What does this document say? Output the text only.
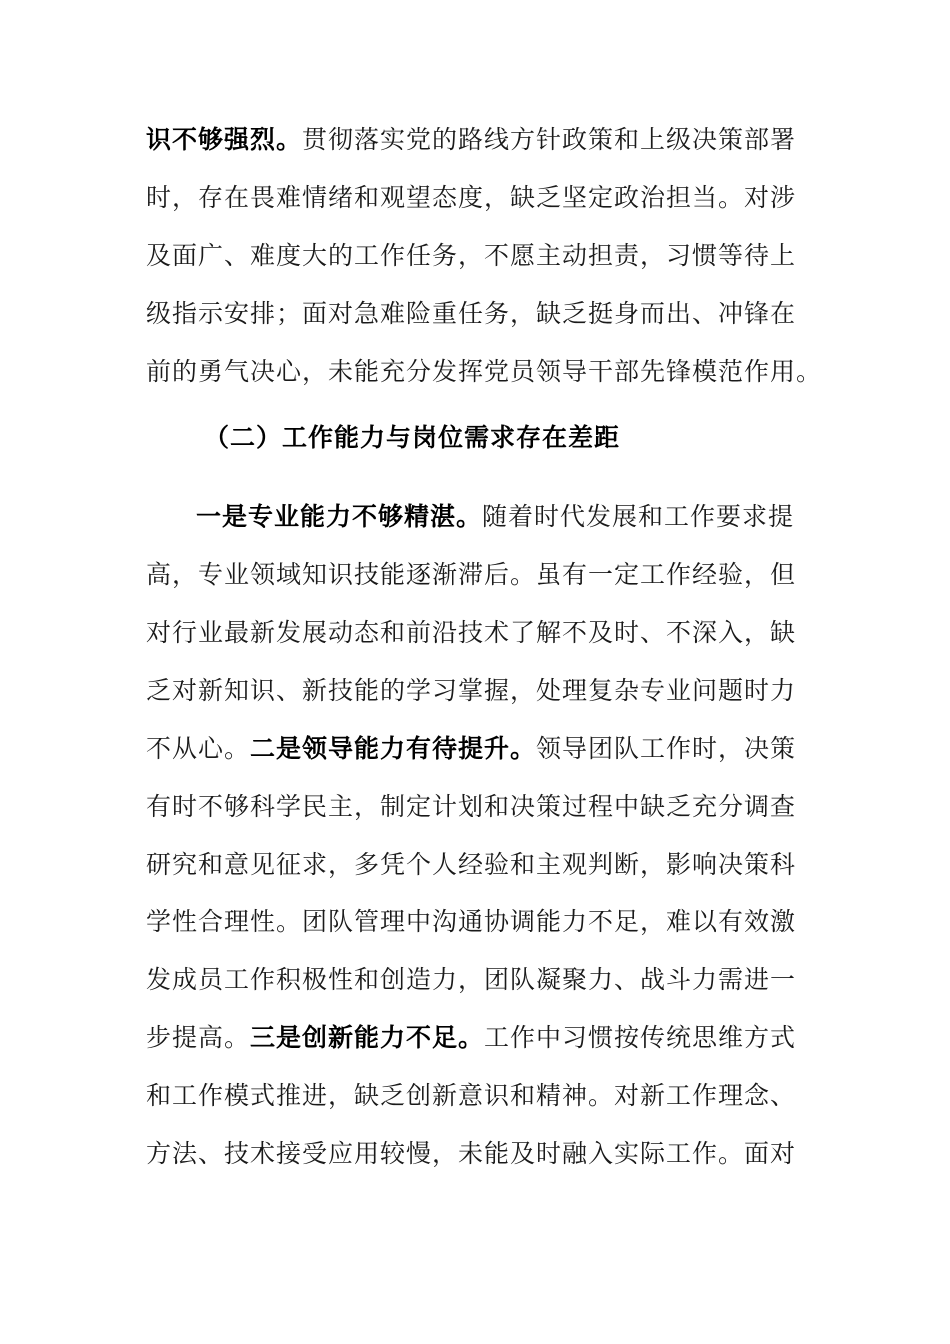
识不够强烈。贯彻落实党的路线方针政策和上级决策部署
时，存在畏难情绪和观望态度，缺乏坚定政治担当。对涉
及面广、难度大的工作任务，不愿主动担责，习惯等待上
级指示安排；面对急难险重任务，缺乏挺身而出、冲锋在
前的勇气决心，未能充分发挥党员领导干部先锋模范作用。
（二）工作能力与岗位需求存在差距
一是专业能力不够精湛。随着时代发展和工作要求提
高，专业领域知识技能逐渐滞后。虽有一定工作经验，但
对行业最新发展动态和前沿技术了解不及时、不深入，缺
乏对新知识、新技能的学习掌握，处理复杂专业问题时力
不从心。二是领导能力有待提升。领导团队工作时，决策
有时不够科学民主，制定计划和决策过程中缺乏充分调查
研究和意见征求，多凭个人经验和主观判断，影响决策科
学性合理性。团队管理中沟通协调能力不足，难以有效激
发成员工作积极性和创造力，团队凝聚力、战斗力需进一
步提高。三是创新能力不足。工作中习惯按传统思维方式
和工作模式推进，缺乏创新意识和精神。对新工作理念、
方法、技术接受应用较慢，未能及时融入实际工作。面对
